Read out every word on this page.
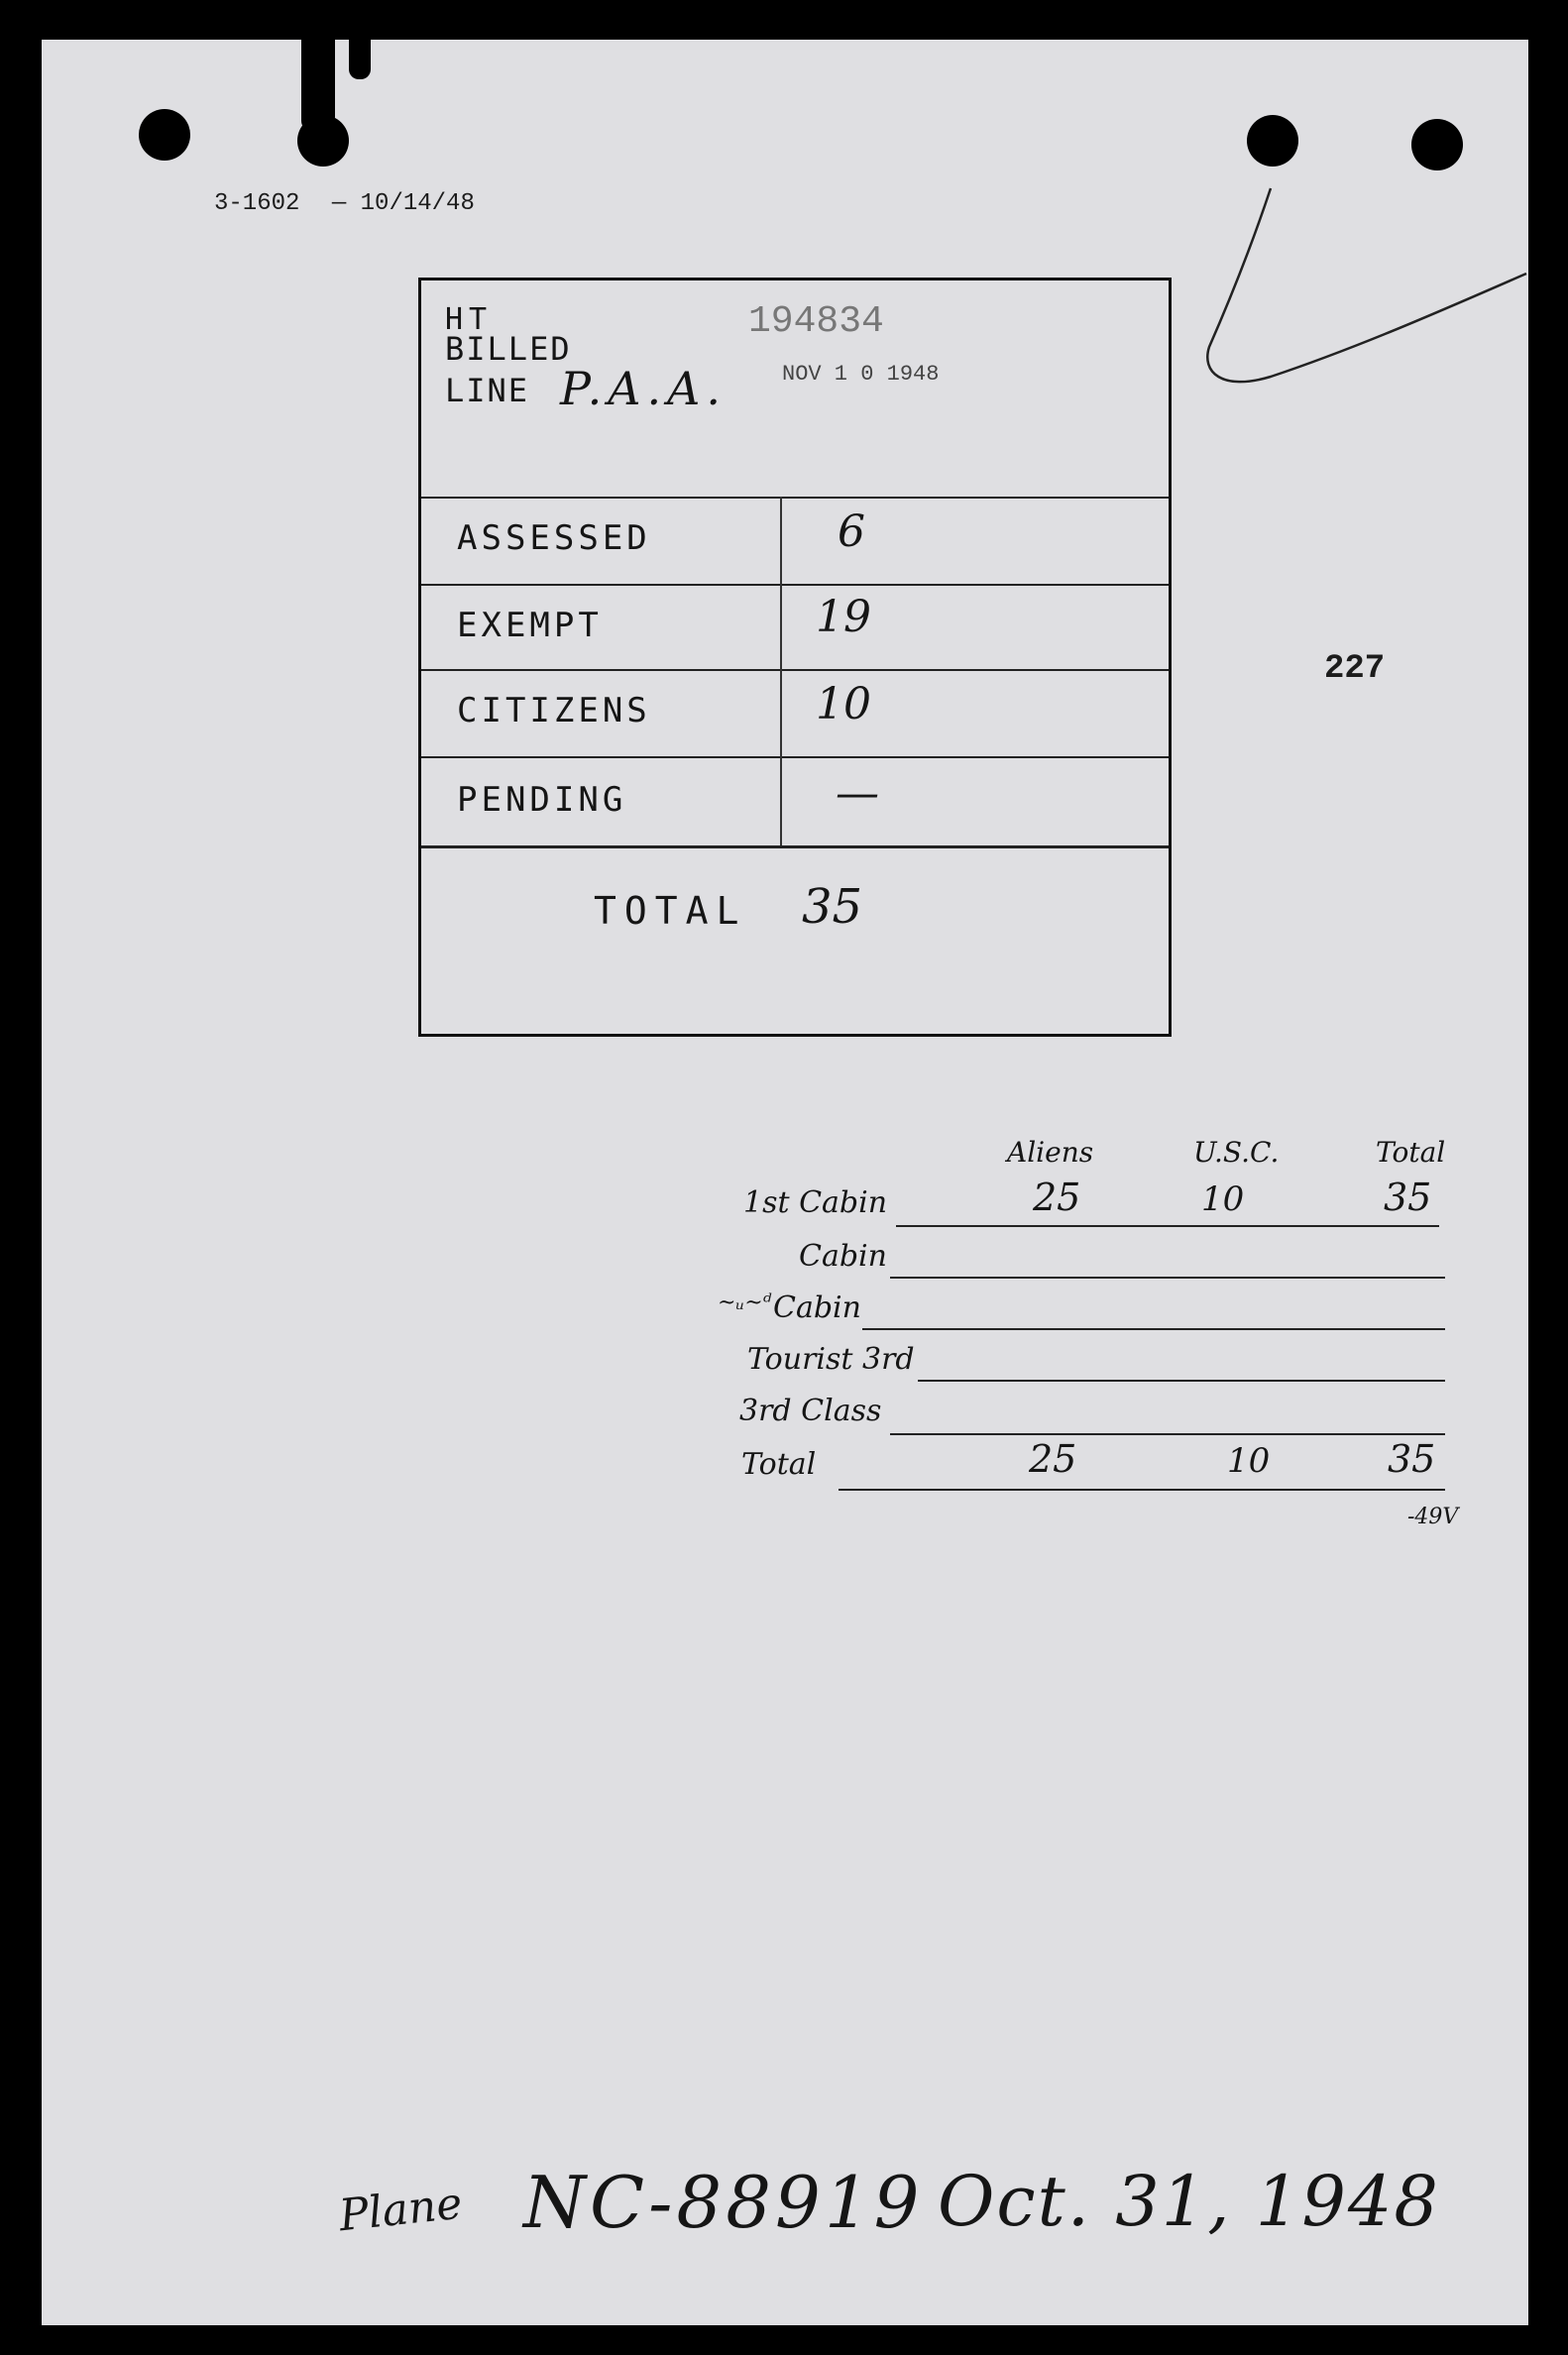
3-1602 — 10/14/48
227
HT
BILLED
LINE P.A.A.
194834
NOV 1 0 1948
ASSESSED	6
EXEMPT	19
CITIZENS	10
PENDING	—
TOTAL 35
Aliens	U.S.C.	Total
1st Cabin	25	10	35
Cabin
~ᵤ~ᵈ Cabin
Tourist 3rd
3rd Class
Total	25	10	35
-49V
Plane NC-88919 Oct. 31, 1948
